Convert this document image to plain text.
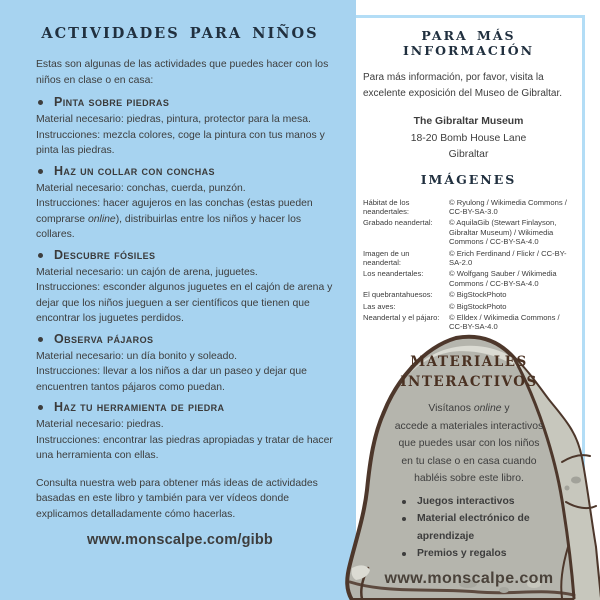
ACTIVIDADES PARA NIÑOS

Estas son algunas de las actividades que puedes hacer con los niños en clase o en casa:

Pinta sobre piedras
Material necesario: piedras, pintura, protector para la mesa.
Instrucciones: mezcla colores, coge la pintura con tus manos y pinta las piedras.
Haz un collar con conchas
Material necesario: conchas, cuerda, punzón.
Instrucciones: hacer agujeros en las conchas (estas pueden comprarse online), distribuirlas entre los niños y hacer los collares.
Descubre fósiles
Material necesario: un cajón de arena, juguetes.
Instrucciones: esconder algunos juguetes en el cajón de arena y dejar que los niños jueguen a ser científicos que tienen que encontrar los juguetes perdidos.
Observa pájaros
Material necesario: un día bonito y soleado.
Instrucciones: llevar a los niños a dar un paseo y dejar que encuentren tantos pájaros como puedan.
Haz tu herramienta de piedra
Material necesario: piedras.
Instrucciones: encontrar las piedras apropiadas y tratar de hacer una herramienta con ellas.

Consulta nuestra web para obtener más ideas de actividades basadas en este libro y también para ver vídeos donde explicamos detalladamente cómo hacerlas.

www.monscalpe.com/gibb
PARA MÁS INFORMACIÓN

Para más información, por favor, visita la excelente exposición del Museo de Gibraltar.

The Gibraltar Museum
18-20 Bomb House Lane
Gibraltar
IMÁGENES
Hábitat de los neandertales:
© Ryulong / Wikimedia Commons / CC-BY-SA-3.0
Grabado neandertal:	© AquilaGib (Stewart Finlayson, Gibraltar Museum) / Wikimedia Commons / CC-BY-SA-4.0
Imagen de un neandertal:
© Erich Ferdinand / Flickr / CC-BY-SA-2.0
Los neandertales:	© Wolfgang Sauber / Wikimedia Commons / CC-BY-SA-4.0
El quebrantahuesos:	© BigStockPhoto
Las aves:	© BigStockPhoto
Neandertal y el pájaro:	© Elldex / Wikimedia Commons / CC-BY-SA-4.0
MATERIALES
INTERACTIVOS
Visítanos online y
accede a materiales interactivos
que puedes usar con los niños
en tu clase o en casa cuando
habléis sobre este libro.
Juegos interactivos
Material electrónico de aprendizaje
Premios y regalos
www.monscalpe.com
